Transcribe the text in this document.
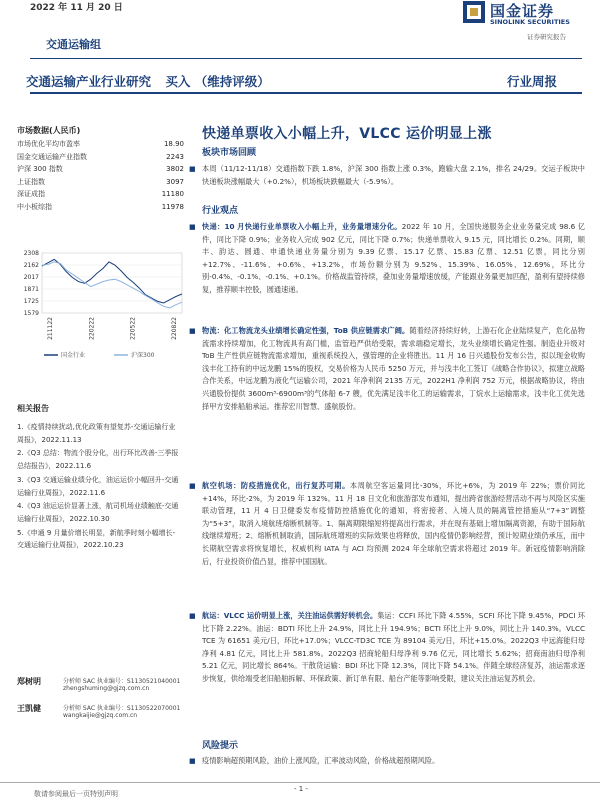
2022 年 11 月 20 日	国金证券
SINOLINK SECURITIES
证券研究报告
交通运输组
交通运输产业行业研究 买入 （维持评级）	行业周报
市场数据(人民币)
市场优化平均市盈率	18.90
国金交通运输产业指数	2243
沪深 300 指数	3802
上证指数	3097
深证成指	11180
中小板综指	11978
1579
1725
1871
2017
2162
2308
211122	220222	220522	220822
国金行业	沪深300
相关报告

1.《疫情持续扰动,优化政策有望复苏-交通运输行业周报》，2022.11.13

2.《Q3 总结：物流个股分化，出行环比改善-三季报总结报告》，2022.11.6

3.《Q3 交通运输业绩分化，油运运价小幅回升-交通运输行业周报》，2022.11.6

4.《Q3 油运运价显著上涨，航司机场业绩触底-交通运输行业周报》，2022.10.30

5.《申通 9 月量价增长明显，新航季时刻小幅增长-交通运输行业周报》，2022.10.23

郑树明	分析师 SAC 执业编号：S1130521040001
zhengshuming@gjzq.com.cn
王凯健	分析师 SAC 执业编号：S1130522070001
wangkaijie@gjzq.com.cn
快递单票收入小幅上升，VLCC 运价明显上涨
板块市场回顾
■ 本周（11/12-11/18）交通指数下跌 1.8%，沪深 300 指数上涨 0.3%，跑输大盘 2.1%，排名 24/29。交运子板块中快递板块涨幅最大（+0.2%），机场板块跌幅最大（-5.9%）。
行业观点
■ 快递：10 月快递行业单票收入小幅上升，业务量增速分化。2022 年 10 月，全国快递服务企业业务量完成 98.6 亿件，同比下降 0.9%；业务收入完成 902 亿元，同比下降 0.7%；快递单票收入 9.15 元，同比增长 0.2%。同期，顺丰、韵达、圆通、申通快递业务量分别为 9.39 亿票、15.17 亿票、15.83 亿票、12.51 亿票，同比分别+12.7%、-11.6%、+0.6%、+13.2%，市场份额分别为 9.52%、15.39%、16.05%、12.69%，环比分别-0.4%、-0.1%、-0.1%、+0.1%。价格战监管持续，叠加业务量增速放缓，产能跟业务量更加匹配，盈利有望持续修复，推荐顺丰控股，圆通速递。
■ 物流：化工物流龙头业绩增长确定性强，ToB 供应链需求广阔。随着经济持续好转，上游石化企业陆续复产，危化品物流需求持续增加，化工物流具有高门槛，监管趋严供给受限，需求端稳定增长，龙头业绩增长确定性强。制造业升级对 ToB 生产性供应链物流需求增加，重视系统投入，强管理的企业将胜出。11 月 16 日兴通股份发布公告，拟以现金收购浅丰化工持有的中远龙鹏 15%的股权，交易价格为人民币 5250 万元，并与浅丰化工签订《战略合作协议》，拟建立战略合作关系，中远龙鹏为液化气运输公司，2021 年净利润 2135 万元，2022H1 净利润 752 万元，根据战略协议，将由兴通股份提供 3600m³-6900m³的气体船 6-7 艘，优先满足浅丰化工的运输需求，丁烷水上运输需求，浅丰化工优先选择甲方安排船舶承运。推荐宏川智慧、盛航股份。
■ 航空机场：防疫措施优化，出行复苏可期。本周航空客运量同比-30%，环比+6%，为 2019 年 22%；票价同比+14%，环比-2%，为 2019 年 132%。11 月 18 日文化和旅游部发布通知，提出跨省旅游经营活动不再与风险区实施联动管理，11 月 4 日卫健委发布疫情防控措施优化的通知，将密接者、入境人员的隔离管控措施从“7+3”调整为“5+3”，取消入境航班熔断机制等。1、隔离期限缩短将提高出行需求，并在现有基础上增加隔离资源，有助于国际航线继续增班；2、熔断机制取消，国际航班增班的实际效果也将释放，国内疫情仍影响经营，预计短期业绩仍承压，而中长期航空需求将恢复增长，权威机构 IATA 与 ACI 均预测 2024 年全球航空需求将超过 2019 年。新冠疫情影响消除后，行业投资价值凸显，推荐中国国航。
■ 航运：VLCC 运价明显上涨，关注油运供需好转机会。集运：CCFI 环比下降 4.55%，SCFI 环比下降 9.45%，PDCI 环比下降 2.22%。油运：BDTI 环比上升 24.9%，同比上升 194.9%；BCTI 环比上升 9.0%，同比上升 140.3%。VLCC TCE 为 61651 美元/日，环比+17.0%；VLCC-TD3C TCE 为 89104 美元/日，环比+15.0%。2022Q3 中远海能归母净利 4.81 亿元，同比上升 581.8%。2022Q3 招商轮船归母净利 9.76 亿元，同比增长 5.62%；招商南油归母净利 5.21 亿元，同比增长 864%。干散货运输：BDI 环比下降 12.3%，同比下降 54.1%。伴随全球经济复苏，油运需求逐步恢复，供给端受老旧船舶拆解、环保政策、新订单有限、船台产能等影响受限，建议关注油运复苏机会。
风险提示
■ 疫情影响超预期风险，油价上涨风险，汇率波动风险，价格战超预期风险。
- 1 -
敬请参阅最后一页特别声明
